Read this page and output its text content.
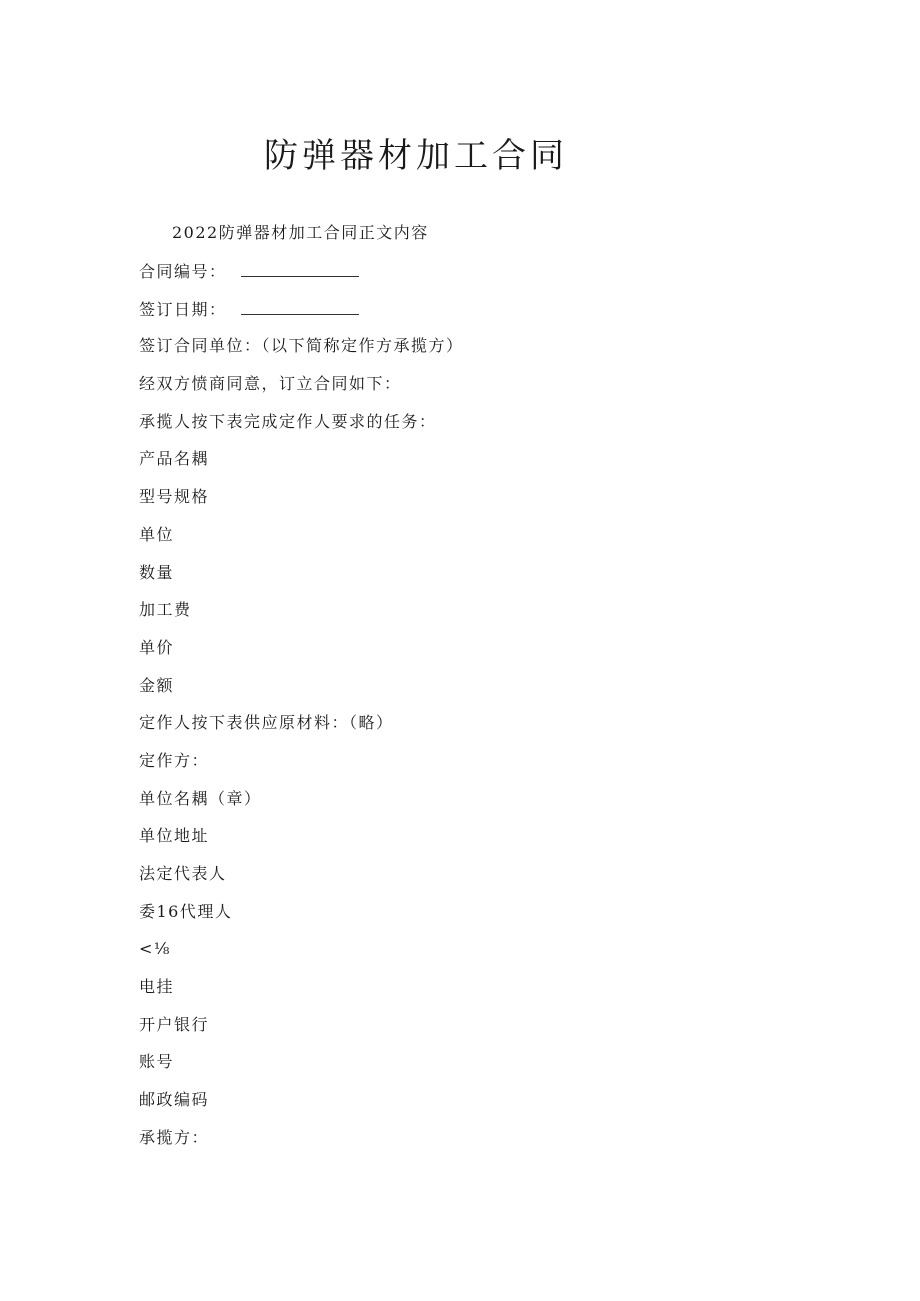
防弹器材加工合同
2022防弹器材加工合同正文内容
合同编号：
签订日期：
签订合同单位：（以下简称定作方承揽方）
经双方愤商同意，订立合同如下：
承揽人按下表完成定作人要求的任务：
产品名耦
型号规格
单位
数量
加工费
单价
金额
定作人按下表供应原材料：（略）
定作方：
单位名耦（章）
单位地址
法定代表人
委16代理人
<⅛
电挂
开户银行
账号
邮政编码
承揽方：
